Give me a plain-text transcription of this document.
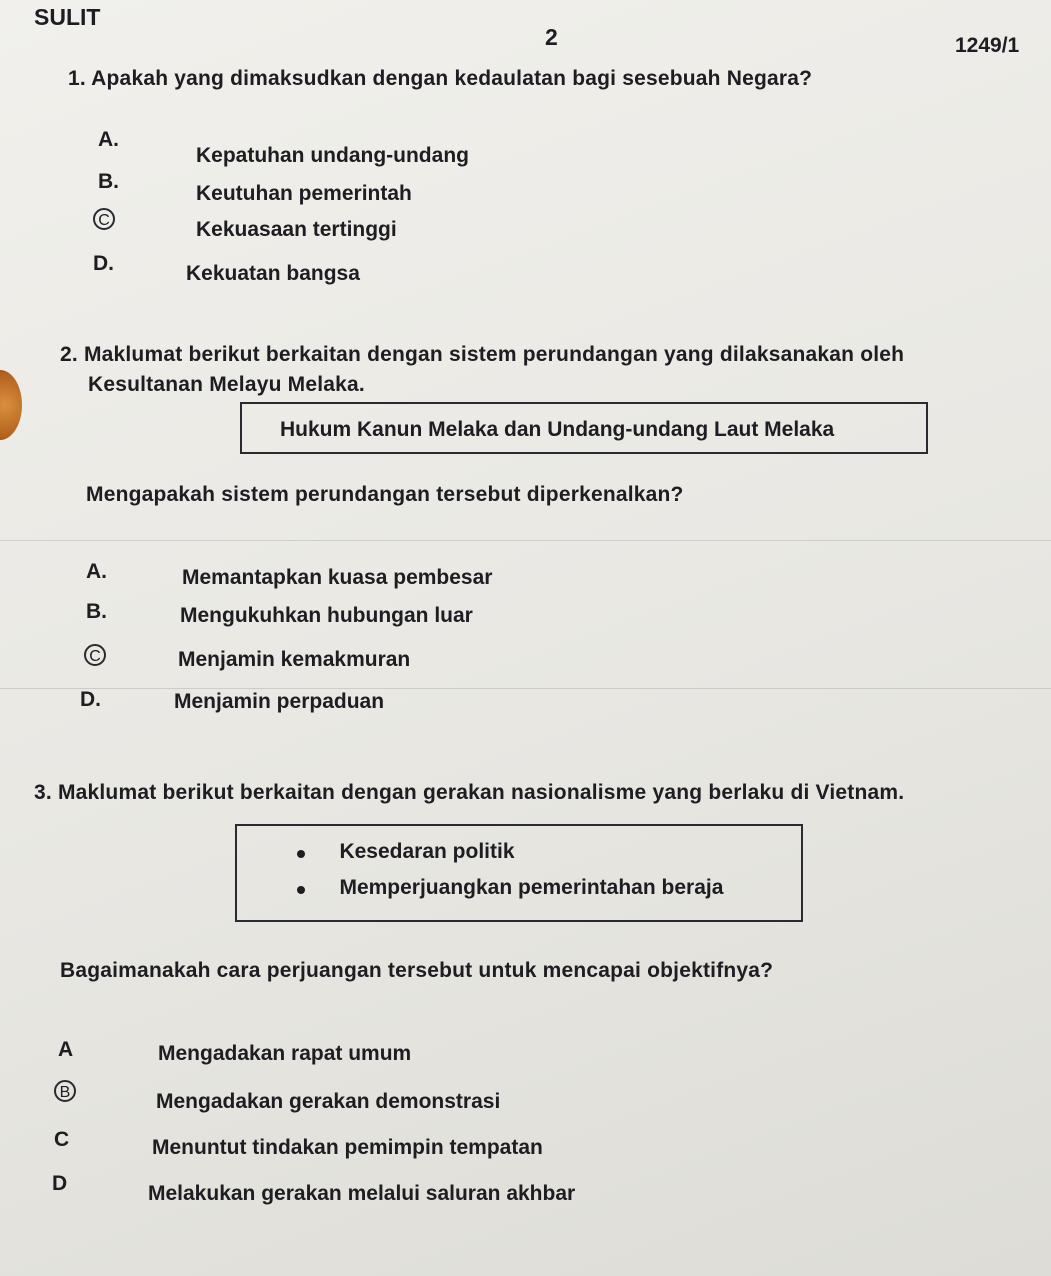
SULIT
2	1249/1
1. Apakah yang dimaksudkan dengan kedaulatan bagi sesebuah Negara?
A.
Kepatuhan undang-undang
B.
Keutuhan pemerintah
C	Kekuasaan tertinggi
D.	Kekuatan bangsa
2. Maklumat berikut berkaitan dengan sistem perundangan yang dilaksanakan oleh
Kesultanan Melayu Melaka.
Hukum Kanun Melaka dan Undang-undang Laut Melaka
Mengapakah sistem perundangan tersebut diperkenalkan?
A.	Memantapkan kuasa pembesar
B.	Mengukuhkan hubungan luar
C	Menjamin kemakmuran
D.	Menjamin perpaduan
3. Maklumat berikut berkaitan dengan gerakan nasionalisme yang berlaku di Vietnam.
Kesedaran politik
Memperjuangkan pemerintahan beraja
Bagaimanakah cara perjuangan tersebut untuk mencapai objektifnya?
A	Mengadakan rapat umum
B	Mengadakan gerakan demonstrasi
C	Menuntut tindakan pemimpin tempatan
D	Melakukan gerakan melalui saluran akhbar
